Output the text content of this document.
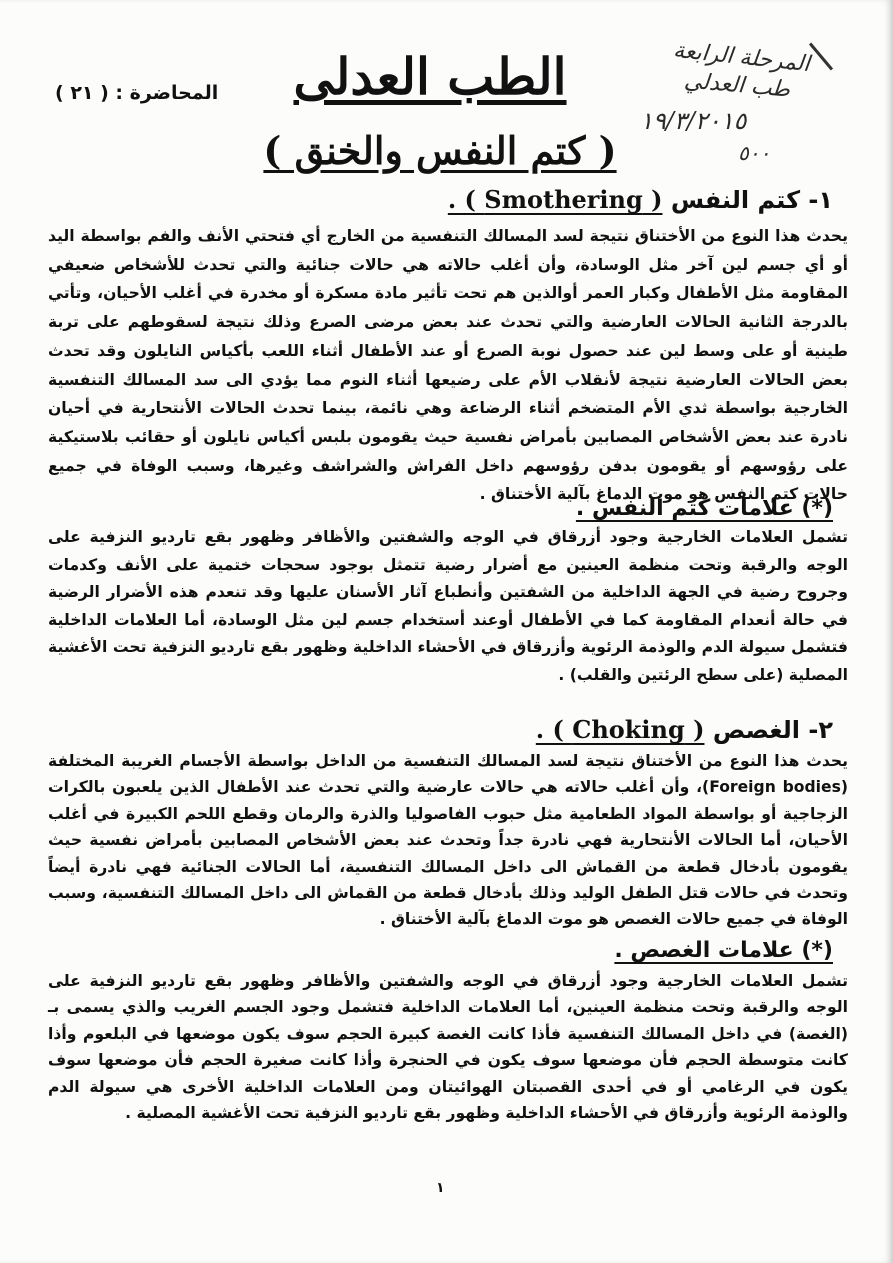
المحاضرة : ( ٢١ ) الطب العدلى
( كتم النفس والخنق )
المرحلة الرابعة
طب العدلي
١٩/٣/٢٠١٥
٥٠٠
١- كتم النفس ( Smothering ) .
يحدث هذا النوع من الأختناق نتيجة لسد المسالك التنفسية من الخارج أي فتحتي الأنف والفم بواسطة اليد أو أي جسم لين آخر مثل الوسادة، وأن أغلب حالاته هي حالات جنائية والتي تحدث للأشخاص ضعيفي المقاومة مثل الأطفال وكبار العمر أوالذين هم تحت تأثير مادة مسكرة أو مخدرة في أغلب الأحيان، وتأتي بالدرجة الثانية الحالات العارضية والتي تحدث عند بعض مرضى الصرع وذلك نتيجة لسقوطهم على تربة طينية أو على وسط لين عند حصول نوبة الصرع أو عند الأطفال أثناء اللعب بأكياس النايلون وقد تحدث بعض الحالات العارضية نتيجة لأنقلاب الأم على رضيعها أثناء النوم مما يؤدي الى سد المسالك التنفسية الخارجية بواسطة ثدي الأم المتضخم أثناء الرضاعة وهي نائمة، بينما تحدث الحالات الأنتحارية في أحيان نادرة عند بعض الأشخاص المصابين بأمراض نفسية حيث يقومون بلبس أكياس نايلون أو حقائب بلاستيكية على رؤوسهم أو يقومون بدفن رؤوسهم داخل الفراش والشراشف وغيرها، وسبب الوفاة في جميع حالات كتم النفس هو موت الدماغ بآلية الأختناق .
(*) علامات كتم النفس .
تشمل العلامات الخارجية وجود أزرقاق في الوجه والشفتين والأظافر وظهور بقع تارديو النزفية على الوجه والرقبة وتحت منظمة العينين مع أضرار رضية تتمثل بوجود سحجات ختمية على الأنف وكدمات وجروح رضية في الجهة الداخلية من الشفتين وأنطباع آثار الأسنان عليها وقد تنعدم هذه الأضرار الرضية في حالة أنعدام المقاومة كما في الأطفال أوعند أستخدام جسم لين مثل الوسادة، أما العلامات الداخلية فتشمل سيولة الدم والوذمة الرئوية وأزرقاق في الأحشاء الداخلية وظهور بقع تارديو النزفية تحت الأغشية المصلية (على سطح الرئتين والقلب) .
٢- الغصص ( Choking ) .
يحدث هذا النوع من الأختناق نتيجة لسد المسالك التنفسية من الداخل بواسطة الأجسام الغريبة المختلفة (Foreign bodies)، وأن أغلب حالاته هي حالات عارضية والتي تحدث عند الأطفال الذين يلعبون بالكرات الزجاجية أو بواسطة المواد الطعامية مثل حبوب الفاصوليا والذرة والرمان وقطع اللحم الكبيرة في أغلب الأحيان، أما الحالات الأنتحارية فهي نادرة جداً وتحدث عند بعض الأشخاص المصابين بأمراض نفسية حيث يقومون بأدخال قطعة من القماش الى داخل المسالك التنفسية، أما الحالات الجنائية فهي نادرة أيضاً وتحدث في حالات قتل الطفل الوليد وذلك بأدخال قطعة من القماش الى داخل المسالك التنفسية، وسبب الوفاة في جميع حالات الغصص هو موت الدماغ بآلية الأختناق .
(*) علامات الغصص .
تشمل العلامات الخارجية وجود أزرقاق في الوجه والشفتين والأظافر وظهور بقع تارديو النزفية على الوجه والرقبة وتحت منظمة العينين، أما العلامات الداخلية فتشمل وجود الجسم الغريب والذي يسمى بـ (الغصة) في داخل المسالك التنفسية فأذا كانت الغصة كبيرة الحجم سوف يكون موضعها في البلعوم وأذا كانت متوسطة الحجم فأن موضعها سوف يكون في الحنجرة وأذا كانت صغيرة الحجم فأن موضعها سوف يكون في الرغامي أو في أحدى القصبتان الهوائيتان ومن العلامات الداخلية الأخرى هي سيولة الدم والوذمة الرئوية وأزرقاق في الأحشاء الداخلية وظهور بقع تارديو النزفية تحت الأغشية المصلية .
١
